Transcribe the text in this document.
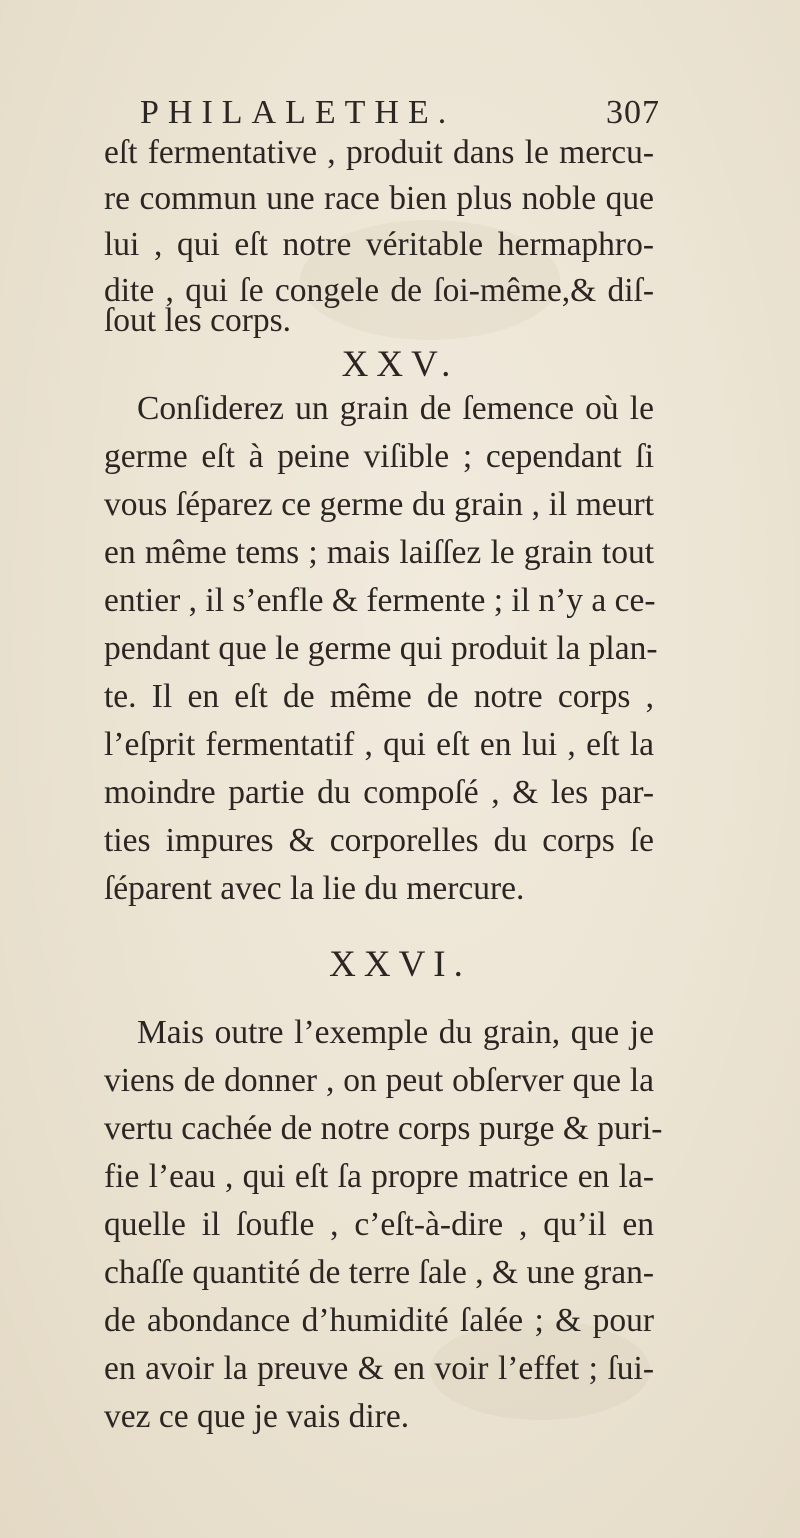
PHILALETHE.	307
eſt fermentative , produit dans le mercu-
re commun une race bien plus noble que
lui , qui eſt notre véritable hermaphro-
dite , qui ſe congele de ſoi-même,& diſ-
ſout les corps.
XXV.
Conſiderez un grain de ſemence où le
germe eſt à peine viſible ; cependant ſi
vous ſéparez ce germe du grain , il meurt
en même tems ; mais laiſſez le grain tout
entier , il s’enfle & fermente ; il n’y a ce-
pendant que le germe qui produit la plan-
te. Il en eſt de même de notre corps ,
l’eſprit fermentatif , qui eſt en lui , eſt la
moindre partie du compoſé , & les par-
ties impures & corporelles du corps ſe
ſéparent avec la lie du mercure.
XXVI.
Mais outre l’exemple du grain, que je
viens de donner , on peut obſerver que la
vertu cachée de notre corps purge & puri-
fie l’eau , qui eſt ſa propre matrice en la-
quelle il ſoufle , c’eſt-à-dire , qu’il en
chaſſe quantité de terre ſale , & une gran-
de abondance d’humidité ſalée ; & pour
en avoir la preuve & en voir l’effet ; ſui-
vez ce que je vais dire.
